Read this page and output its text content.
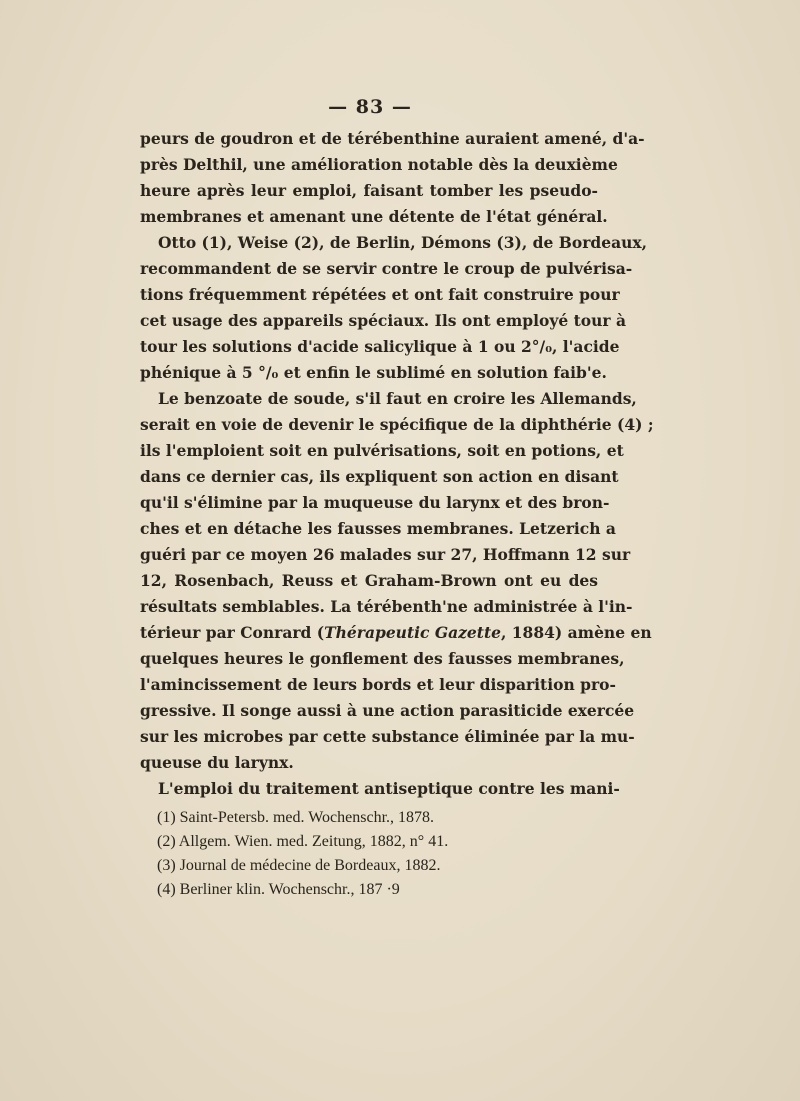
— 83 —
peurs de goudron et de térébenthine auraient amené, d'a-
près Delthil, une amélioration notable dès la deuxième
heure après leur emploi, faisant tomber les pseudo-
membranes et amenant une détente de l'état général.
Otto (1), Weise (2), de Berlin, Démons (3), de Bordeaux,
recommandent de se servir contre le croup de pulvérisa-
tions fréquemment répétées et ont fait construire pour
cet usage des appareils spéciaux. Ils ont employé tour à
tour les solutions d'acide salicylique à 1 ou 2°/₀, l'acide
phénique à 5 °/₀ et enfin le sublimé en solution faib'e.
Le benzoate de soude, s'il faut en croire les Allemands,
serait en voie de devenir le spécifique de la diphthérie (4) ;
ils l'emploient soit en pulvérisations, soit en potions, et
dans ce dernier cas, ils expliquent son action en disant
qu'il s'élimine par la muqueuse du larynx et des bron-
ches et en détache les fausses membranes. Letzerich a
guéri par ce moyen 26 malades sur 27, Hoffmann 12 sur
12, Rosenbach, Reuss et Graham-Brown ont eu des
résultats semblables. La térébenth'ne administrée à l'in-
térieur par Conrard (Thérapeutic Gazette, 1884) amène en
quelques heures le gonflement des fausses membranes,
l'amincissement de leurs bords et leur disparition pro-
gressive. Il songe aussi à une action parasiticide exercée
sur les microbes par cette substance éliminée par la mu-
queuse du larynx.
L'emploi du traitement antiseptique contre les mani-
(1) Saint-Petersb. med. Wochenschr., 1878.
(2) Allgem. Wien. med. Zeitung, 1882, n° 41.
(3) Journal de médecine de Bordeaux, 1882.
(4) Berliner klin. Wochenschr., 187 ·9
